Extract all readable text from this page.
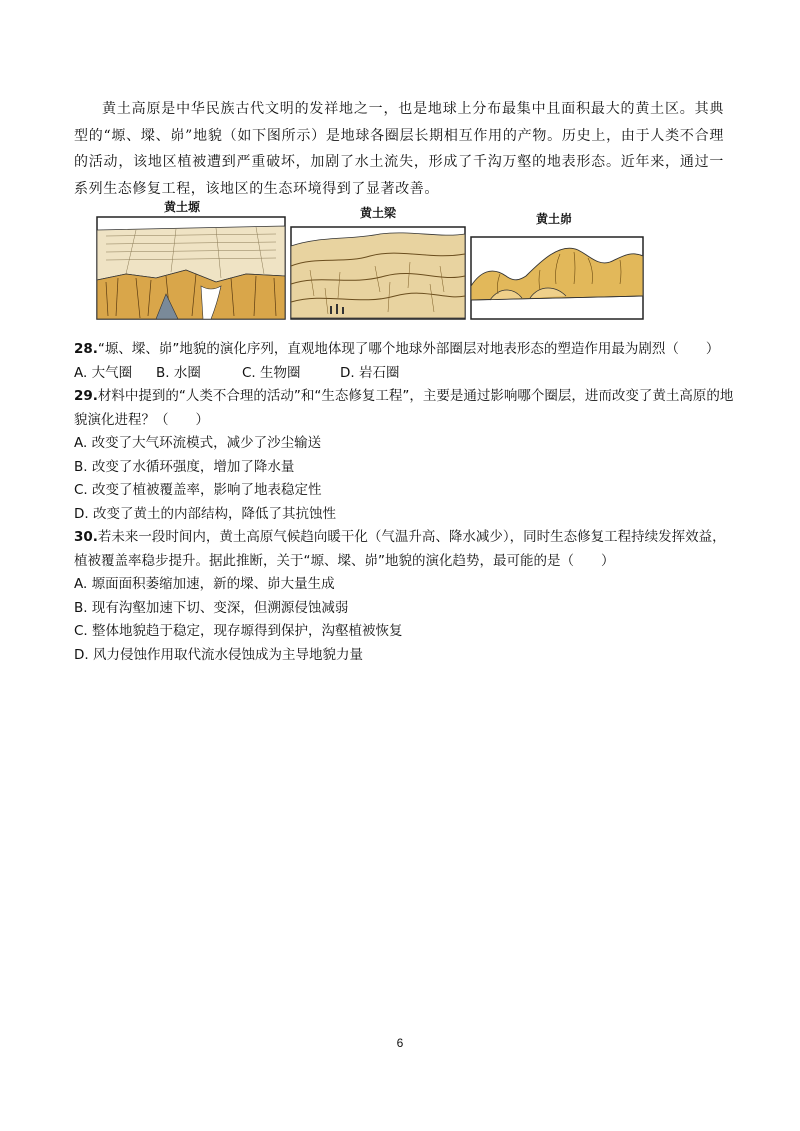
黄土高原是中华民族古代文明的发祥地之一，也是地球上分布最集中且面积最大的黄土区。其典型的“塬、墚、峁”地貌（如下图所示）是地球各圈层长期相互作用的产物。历史上，由于人类不合理的活动，该地区植被遭到严重破坏，加剧了水土流失，形成了千沟万壑的地表形态。近年来，通过一系列生态修复工程，该地区的生态环境得到了显著改善。

黄土塬	黄土梁	黄土峁

28.“塬、墚、峁”地貌的演化序列，直观地体现了哪个地球外部圈层对地表形态的塑造作用最为剧烈（　　）

A. 大气圈	B. 水圈	C. 生物圈	D. 岩石圈

29.材料中提到的“人类不合理的活动”和“生态修复工程”，主要是通过影响哪个圈层，进而改变了黄土高原的地貌演化进程？（　　）

A. 改变了大气环流模式，减少了沙尘输送

B. 改变了水循环强度，增加了降水量

C. 改变了植被覆盖率，影响了地表稳定性

D. 改变了黄土的内部结构，降低了其抗蚀性

30.若未来一段时间内，黄土高原气候趋向暖干化（气温升高、降水减少），同时生态修复工程持续发挥效益，植被覆盖率稳步提升。据此推断，关于“塬、墚、峁”地貌的演化趋势，最可能的是（　　）

A. 塬面面积萎缩加速，新的墚、峁大量生成

B. 现有沟壑加速下切、变深，但溯源侵蚀减弱

C. 整体地貌趋于稳定，现存塬得到保护，沟壑植被恢复

D. 风力侵蚀作用取代流水侵蚀成为主导地貌力量

6
